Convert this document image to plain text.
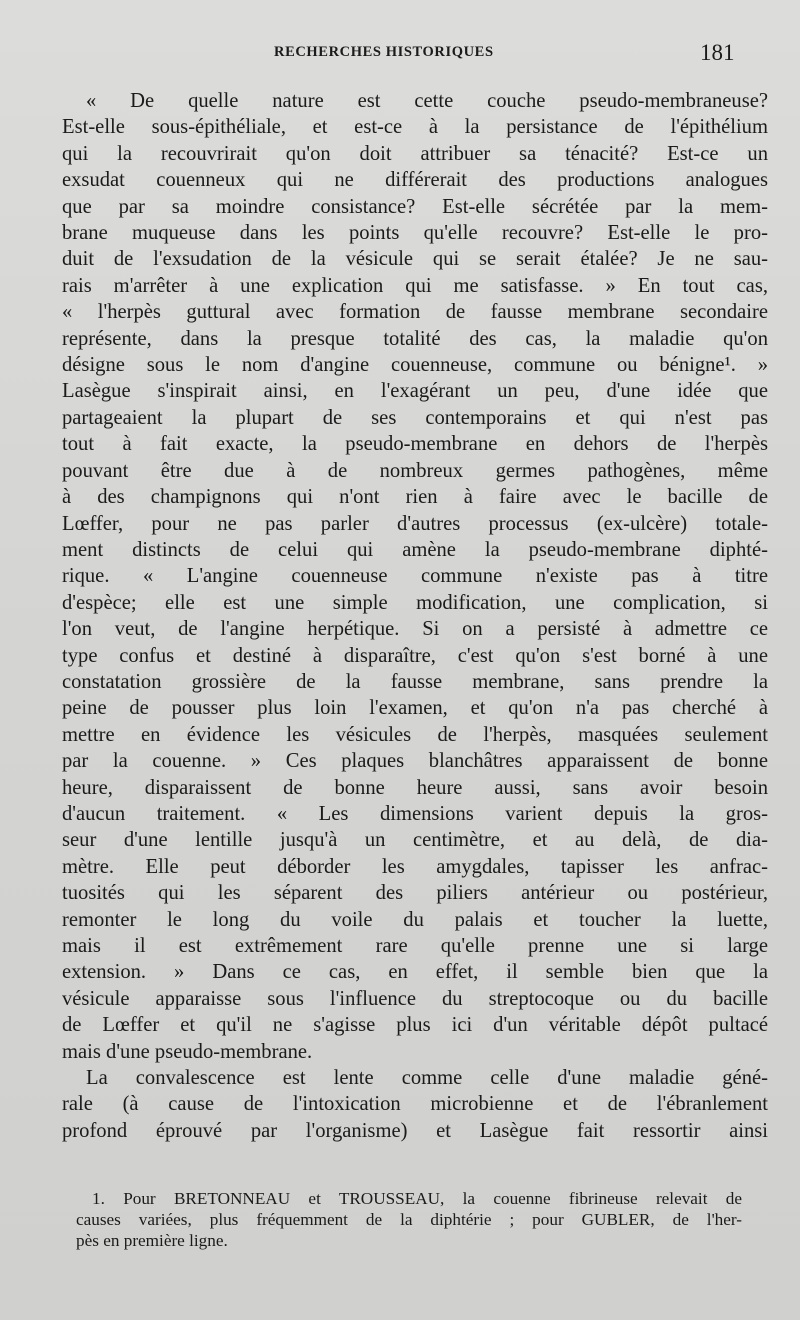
RECHERCHES HISTORIQUES	181
« De quelle nature est cette couche pseudo-membraneuse?
Est-elle sous-épithéliale, et est-ce à la persistance de l'épithélium
qui la recouvrirait qu'on doit attribuer sa ténacité? Est-ce un
exsudat couenneux qui ne différerait des productions analogues
que par sa moindre consistance? Est-elle sécrétée par la mem-
brane muqueuse dans les points qu'elle recouvre? Est-elle le pro-
duit de l'exsudation de la vésicule qui se serait étalée? Je ne sau-
rais m'arrêter à une explication qui me satisfasse. » En tout cas,
« l'herpès guttural avec formation de fausse membrane secondaire
représente, dans la presque totalité des cas, la maladie qu'on
désigne sous le nom d'angine couenneuse, commune ou bénigne¹. »
Lasègue s'inspirait ainsi, en l'exagérant un peu, d'une idée que
partageaient la plupart de ses contemporains et qui n'est pas
tout à fait exacte, la pseudo-membrane en dehors de l'herpès
pouvant être due à de nombreux germes pathogènes, même
à des champignons qui n'ont rien à faire avec le bacille de
Lœffer, pour ne pas parler d'autres processus (ex-ulcère) totale-
ment distincts de celui qui amène la pseudo-membrane diphté-
rique. « L'angine couenneuse commune n'existe pas à titre
d'espèce; elle est une simple modification, une complication, si
l'on veut, de l'angine herpétique. Si on a persisté à admettre ce
type confus et destiné à disparaître, c'est qu'on s'est borné à une
constatation grossière de la fausse membrane, sans prendre la
peine de pousser plus loin l'examen, et qu'on n'a pas cherché à
mettre en évidence les vésicules de l'herpès, masquées seulement
par la couenne. » Ces plaques blanchâtres apparaissent de bonne
heure, disparaissent de bonne heure aussi, sans avoir besoin
d'aucun traitement. « Les dimensions varient depuis la gros-
seur d'une lentille jusqu'à un centimètre, et au delà, de dia-
mètre. Elle peut déborder les amygdales, tapisser les anfrac-
tuosités qui les séparent des piliers antérieur ou postérieur,
remonter le long du voile du palais et toucher la luette,
mais il est extrêmement rare qu'elle prenne une si large
extension. » Dans ce cas, en effet, il semble bien que la
vésicule apparaisse sous l'influence du streptocoque ou du bacille
de Lœffer et qu'il ne s'agisse plus ici d'un véritable dépôt pultacé
mais d'une pseudo-membrane.
La convalescence est lente comme celle d'une maladie géné-
rale (à cause de l'intoxication microbienne et de l'ébranlement
profond éprouvé par l'organisme) et Lasègue fait ressortir ainsi
1. Pour BRETONNEAU et TROUSSEAU, la couenne fibrineuse relevait de
causes variées, plus fréquemment de la diphtérie ; pour GUBLER, de l'her-
pès en première ligne.
